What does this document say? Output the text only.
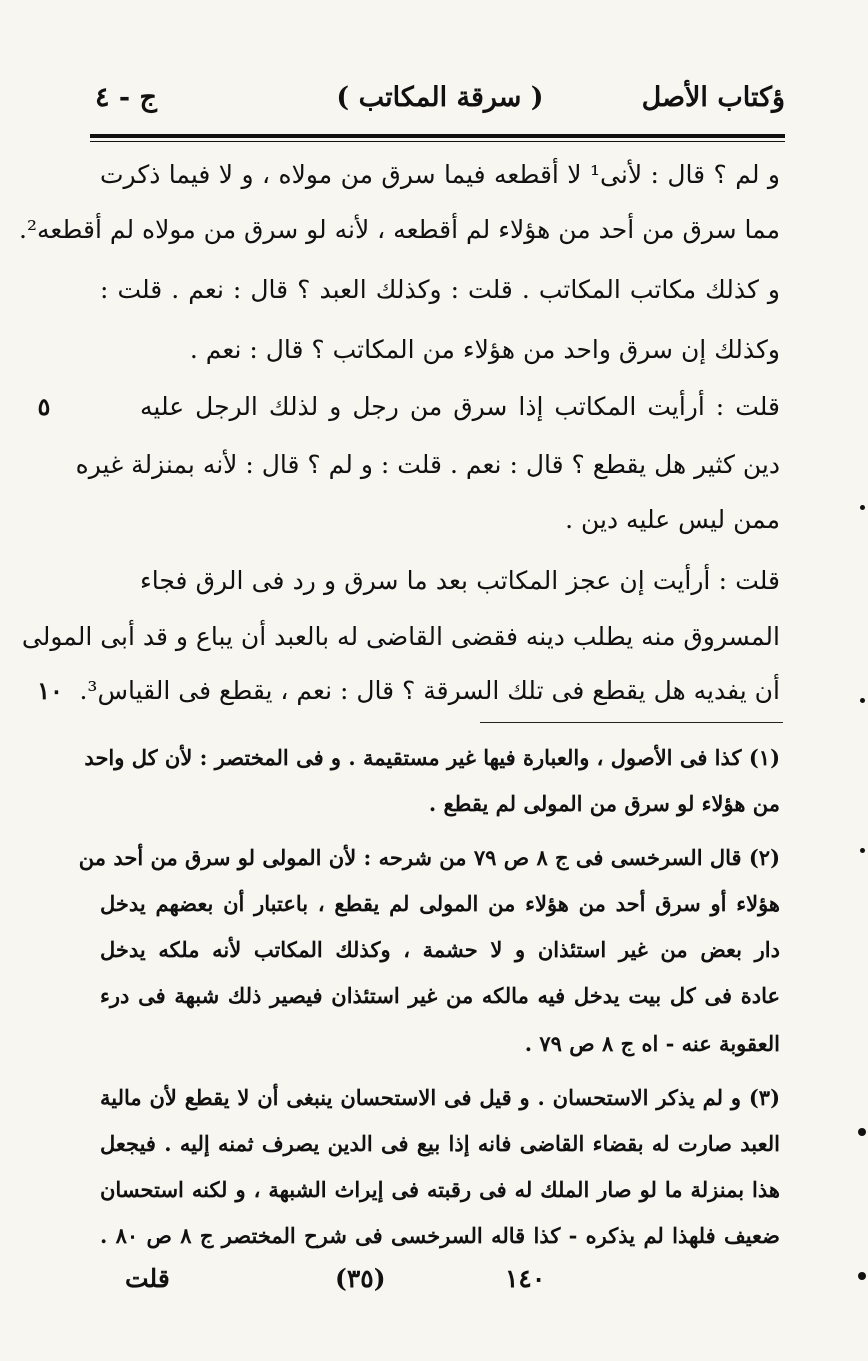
ؤكتاب الأصل
( سرقة المكاتب )
ج - ٤
و لم ؟ قال : لأنى¹ لا أقطعه فيما سرق من مولاه ، و لا فيما ذكرت
مما سرق من أحد من هؤلاء لم أقطعه ، لأنه لو سرق من مولاه لم أقطعه².
و كذلك مكاتب المكاتب . قلت : وكذلك العبد ؟ قال : نعم . قلت :
وكذلك إن سرق واحد من هؤلاء من المكاتب ؟ قال : نعم .
قلت : أرأيت المكاتب إذا سرق من رجل و لذلك الرجل عليه
دين كثير هل يقطع ؟ قال : نعم . قلت : و لم ؟ قال : لأنه بمنزلة غيره
ممن ليس عليه دين .
قلت : أرأيت إن عجز المكاتب بعد ما سرق و رد فى الرق فجاء
المسروق منه يطلب دينه فقضى القاضى له بالعبد أن يباع و قد أبى المولى
أن يفديه هل يقطع فى تلك السرقة ؟ قال : نعم ، يقطع فى القياس³.
٥
١٠
(١) كذا فى الأصول ، والعبارة فيها غير مستقيمة . و فى المختصر : لأن كل واحد
من هؤلاء لو سرق من المولى لم يقطع .
(٢) قال السرخسى فى ج ٨ ص ٧٩ من شرحه : لأن المولى لو سرق من أحد من
هؤلاء أو سرق أحد من هؤلاء من المولى لم يقطع ، باعتبار أن بعضهم يدخل
دار بعض من غير استئذان و لا حشمة ، وكذلك المكاتب لأنه ملكه يدخل
عادة فى كل بيت يدخل فيه مالكه من غير استئذان فيصير ذلك شبهة فى درء
العقوبة عنه - اه ج ٨ ص ٧٩ .
(٣) و لم يذكر الاستحسان . و قيل فى الاستحسان ينبغى أن لا يقطع لأن مالية
العبد صارت له بقضاء القاضى فانه إذا بيع فى الدين يصرف ثمنه إليه . فيجعل
هذا بمنزلة ما لو صار الملك له فى رقبته فى إيراث الشبهة ، و لكنه استحسان
ضعيف فلهذا لم يذكره - كذا قاله السرخسى فى شرح المختصر ج ٨ ص ٨٠ .
١٤٠
(٣٥)
قلت
